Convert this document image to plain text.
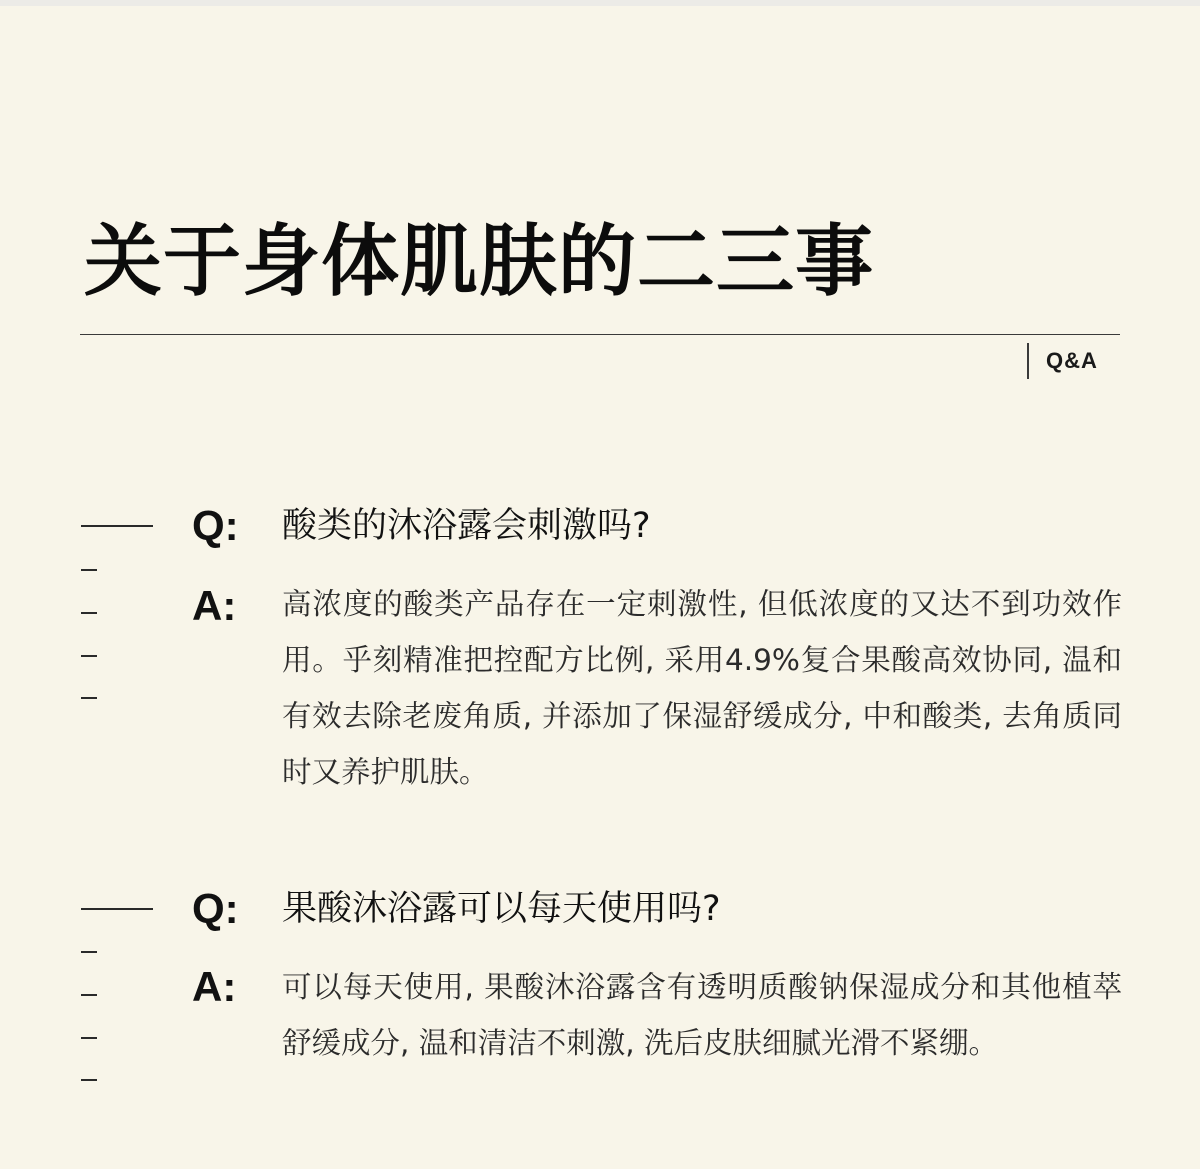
关于身体肌肤的二三事
Q&A
Q: 酸类的沐浴露会刺激吗?
A: 高浓度的酸类产品存在一定刺激性, 但低浓度的又达不到功效作用。乎刻精准把控配方比例, 采用4.9%复合果酸高效协同, 温和有效去除老废角质, 并添加了保湿舒缓成分, 中和酸类, 去角质同时又养护肌肤。
Q: 果酸沐浴露可以每天使用吗?
A: 可以每天使用, 果酸沐浴露含有透明质酸钠保湿成分和其他植萃舒缓成分, 温和清洁不刺激, 洗后皮肤细腻光滑不紧绷。
